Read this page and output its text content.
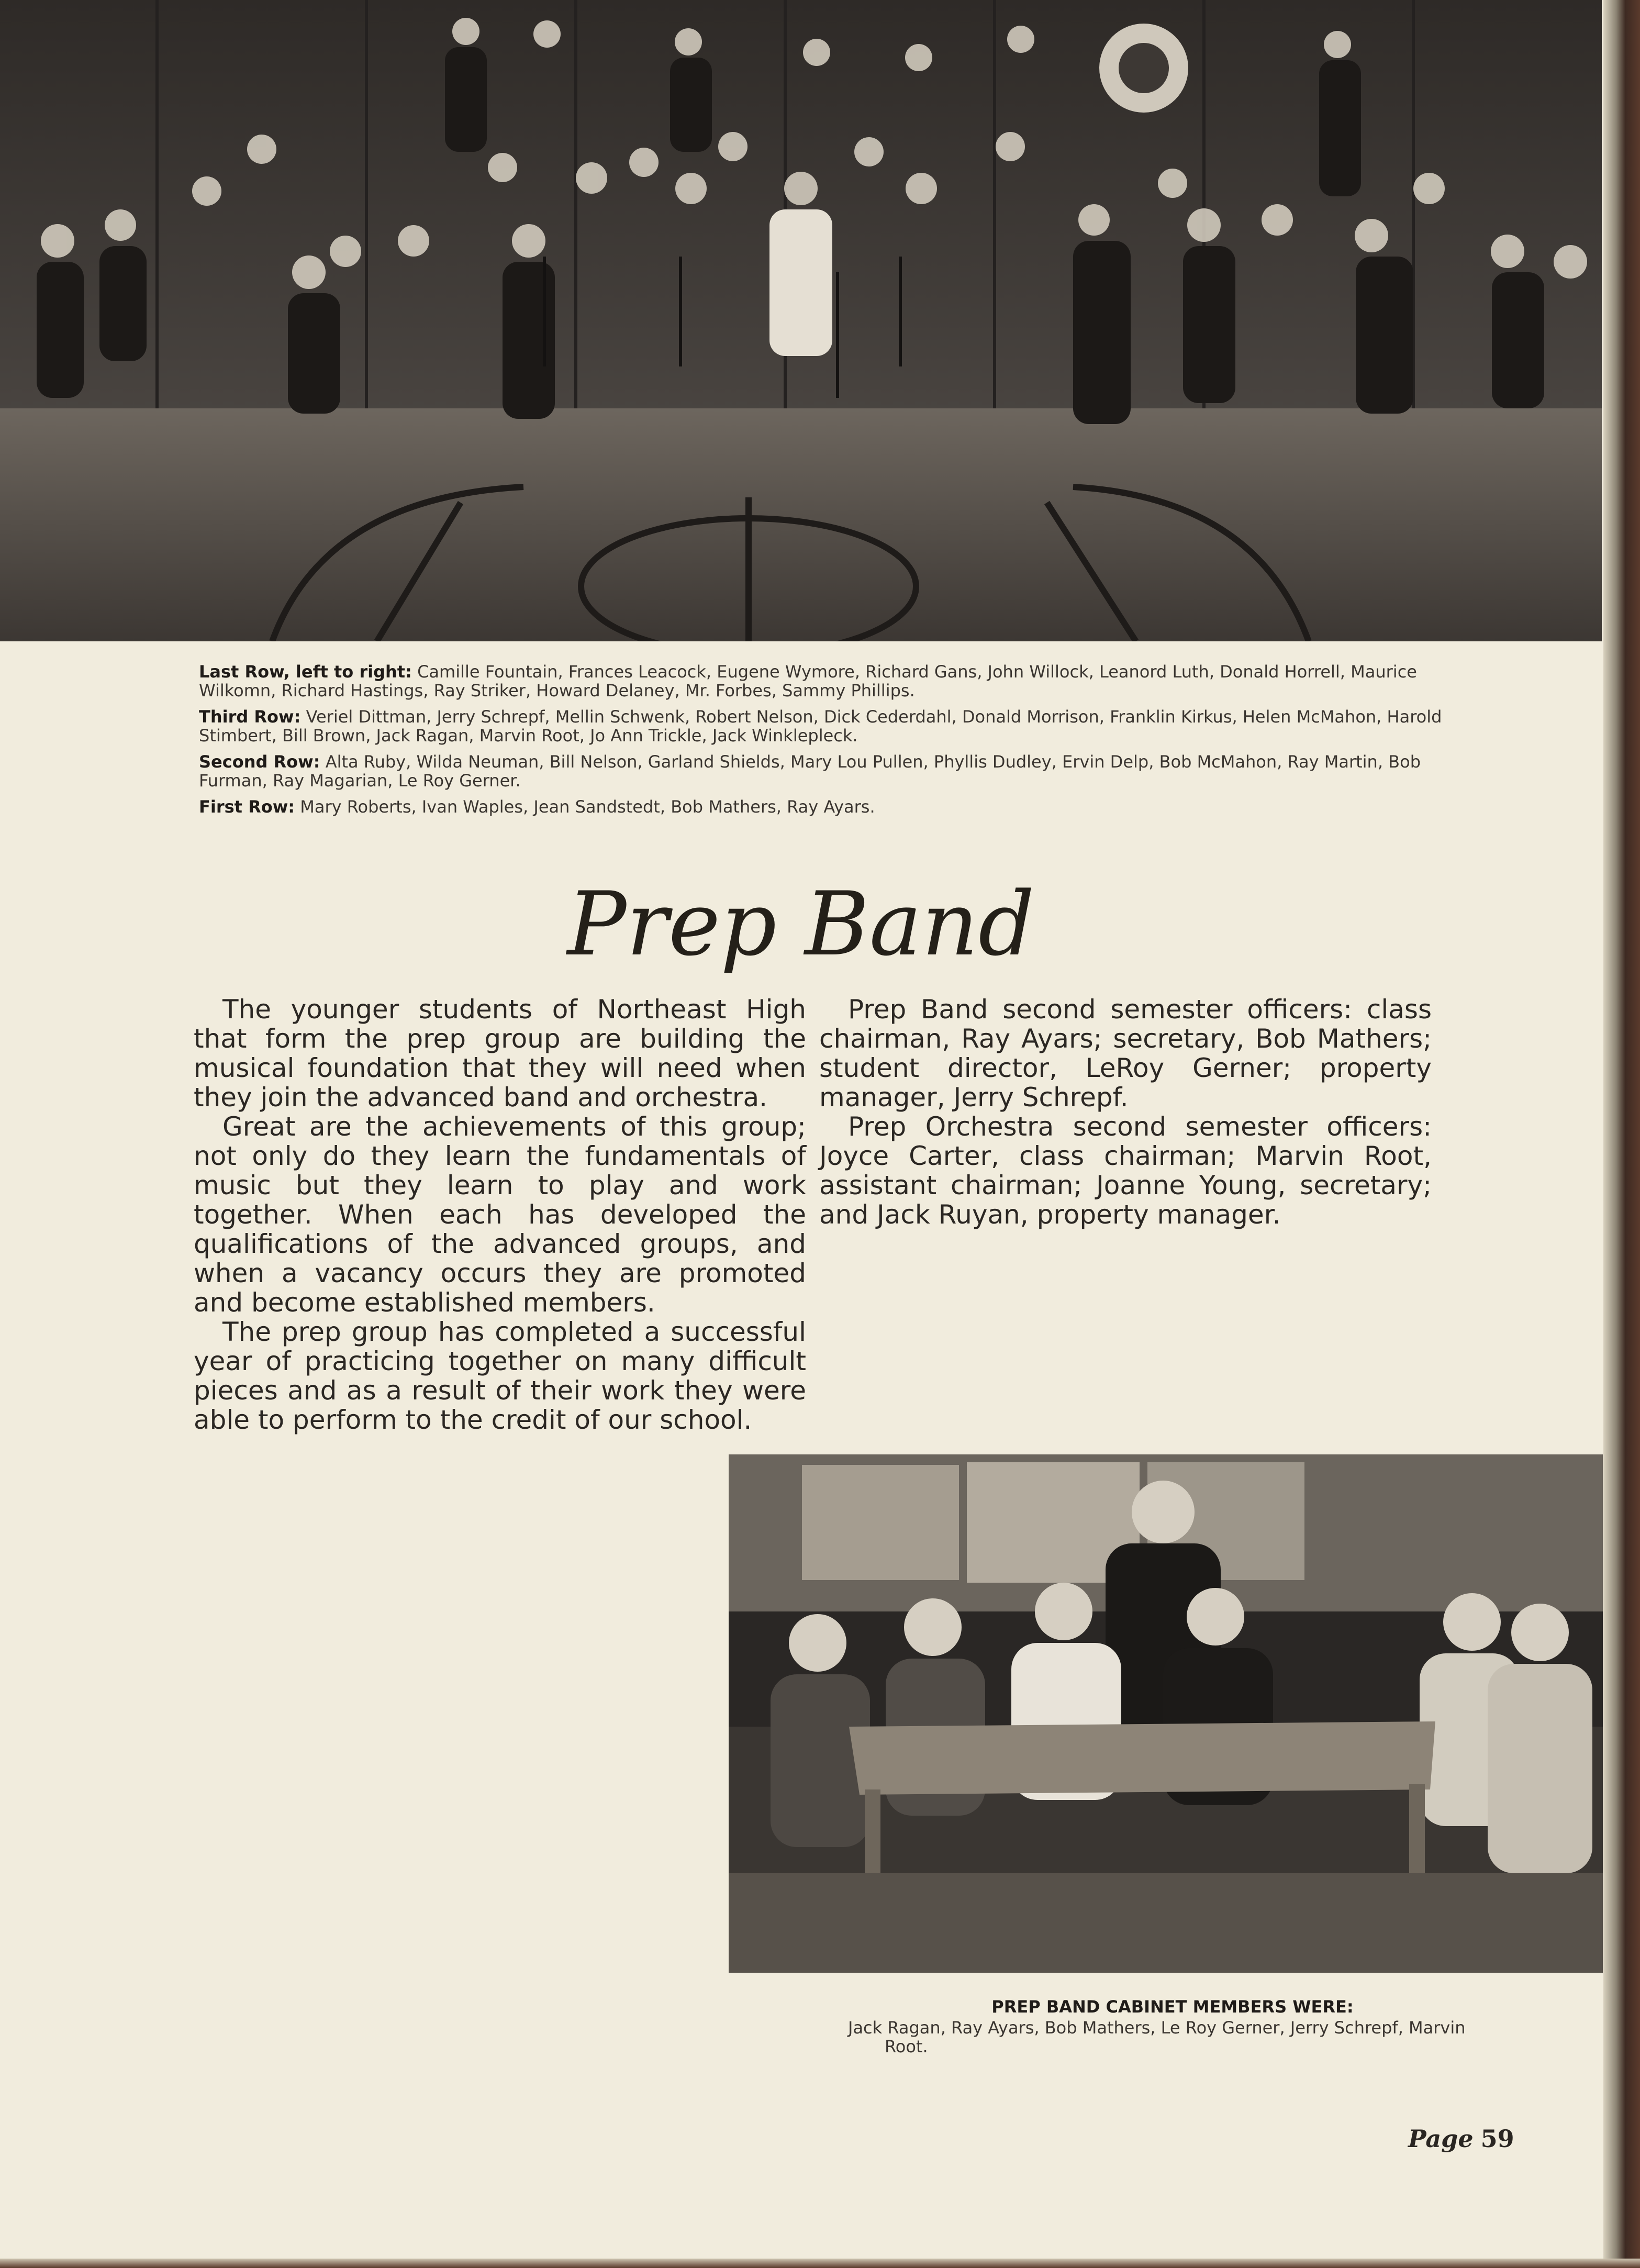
Last Row, left to right: Camille Fountain, Frances Leacock, Eugene Wymore, Richard Gans, John Willock, Leanord Luth, Donald Horrell, Maurice Wilkomn, Richard Hastings, Ray Striker, Howard Delaney, Mr. Forbes, Sammy Phillips.
Third Row: Veriel Dittman, Jerry Schrepf, Mellin Schwenk, Robert Nelson, Dick Cederdahl, Donald Morrison, Franklin Kirkus, Helen McMahon, Harold Stimbert, Bill Brown, Jack Ragan, Marvin Root, Jo Ann Trickle, Jack Winklepleck.
Second Row: Alta Ruby, Wilda Neuman, Bill Nelson, Garland Shields, Mary Lou Pullen, Phyllis Dudley, Ervin Delp, Bob McMahon, Ray Martin, Bob Furman, Ray Magarian, Le Roy Gerner.
First Row: Mary Roberts, Ivan Waples, Jean Sandstedt, Bob Mathers, Ray Ayars.
Prep Band

The younger students of Northeast High that form the prep group are building the musical foundation that they will need when they join the advanced band and orchestra.

Great are the achievements of this group; not only do they learn the fundamentals of music but they learn to play and work together. When each has developed the qualifications of the advanced groups, and when a vacancy occurs they are promoted and become established members.

The prep group has completed a successful year of practicing together on many difficult pieces and as a result of their work they were able to perform to the credit of our school.

Prep Band second semester officers: class chairman, Ray Ayars; secretary, Bob Mathers; student director, LeRoy Gerner; property manager, Jerry Schrepf.

Prep Orchestra second semester officers: Joyce Carter, class chairman; Marvin Root, assistant chairman; Joanne Young, secretary; and Jack Ruyan, property manager.

PREP BAND CABINET MEMBERS WERE:
Jack Ragan, Ray Ayars, Bob Mathers, Le Roy Gerner, Jerry Schrepf, Marvin Root.
Page 59
